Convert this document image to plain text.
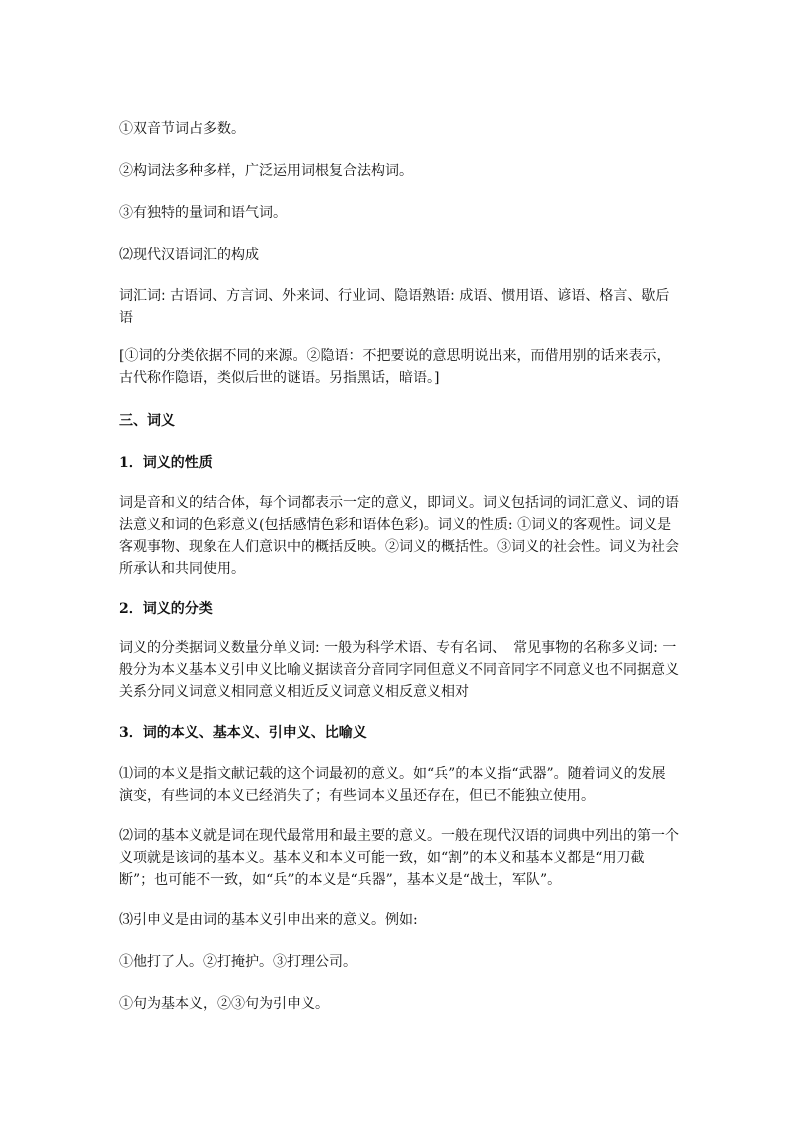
①双音节词占多数。

②构词法多种多样，广泛运用词根复合法构词。

③有独特的量词和语气词。

⑵现代汉语词汇的构成

词汇词: 古语词、方言词、外来词、行业词、隐语熟语: 成语、惯用语、谚语、格言、歇后语

[①词的分类依据不同的来源。②隐语：不把要说的意思明说出来，而借用别的话来表示，古代称作隐语，类似后世的谜语。另指黑话，暗语。]

三、词义

1．词义的性质

词是音和义的结合体，每个词都表示一定的意义，即词义。词义包括词的词汇意义、词的语法意义和词的色彩意义(包括感情色彩和语体色彩)。词义的性质: ①词义的客观性。词义是客观事物、现象在人们意识中的概括反映。②词义的概括性。③词义的社会性。词义为社会所承认和共同使用。

2．词义的分类

词义的分类据词义数量分单义词: 一般为科学术语、专有名词、　常见事物的名称多义词: 一般分为本义基本义引申义比喻义据读音分音同字同但意义不同音同字不同意义也不同据意义关系分同义词意义相同意义相近反义词意义相反意义相对

3．词的本义、基本义、引申义、比喻义

⑴词的本义是指文献记载的这个词最初的意义。如“兵”的本义指“武器”。随着词义的发展演变，有些词的本义已经消失了；有些词本义虽还存在，但已不能独立使用。

⑵词的基本义就是词在现代最常用和最主要的意义。一般在现代汉语的词典中列出的第一个义项就是该词的基本义。基本义和本义可能一致，如“割”的本义和基本义都是“用刀截断”；也可能不一致，如“兵”的本义是“兵器”，基本义是“战士，军队”。

⑶引申义是由词的基本义引申出来的意义。例如:

①他打了人。②打掩护。③打理公司。

①句为基本义，②③句为引申义。
